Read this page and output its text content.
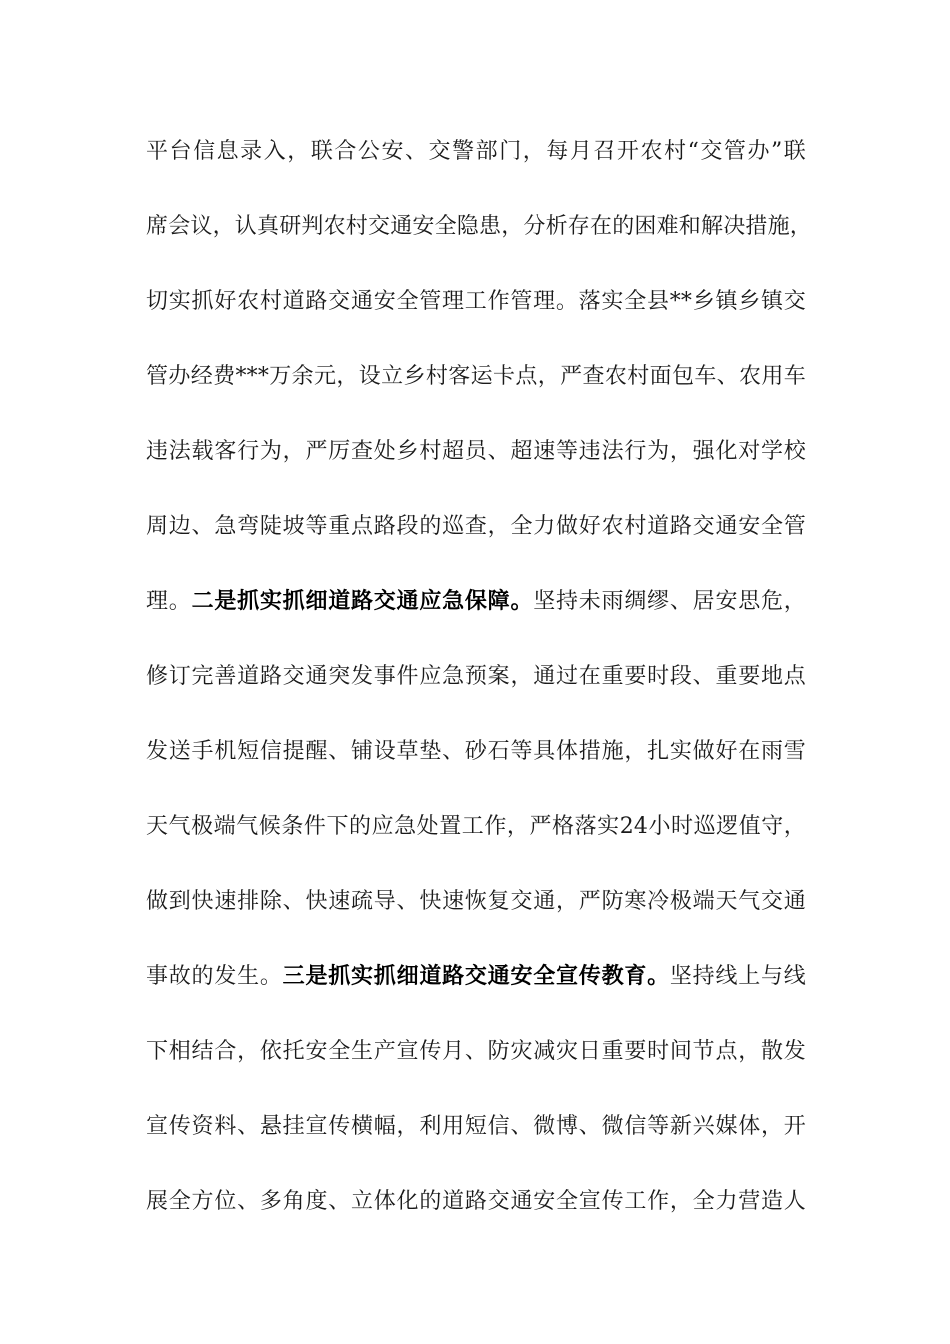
平台信息录入，联合公安、交警部门，每月召开农村“交管办”联
席会议，认真研判农村交通安全隐患，分析存在的困难和解决措施，
切实抓好农村道路交通安全管理工作管理。落实全县**乡镇乡镇交
管办经费***万余元，设立乡村客运卡点，严查农村面包车、农用车
违法载客行为，严厉查处乡村超员、超速等违法行为，强化对学校
周边、急弯陡坡等重点路段的巡查，全力做好农村道路交通安全管
理。二是抓实抓细道路交通应急保障。坚持未雨绸缪、居安思危，
修订完善道路交通突发事件应急预案，通过在重要时段、重要地点
发送手机短信提醒、铺设草垫、砂石等具体措施，扎实做好在雨雪
天气极端气候条件下的应急处置工作，严格落实24小时巡逻值守，
做到快速排除、快速疏导、快速恢复交通，严防寒冷极端天气交通
事故的发生。三是抓实抓细道路交通安全宣传教育。坚持线上与线
下相结合，依托安全生产宣传月、防灾减灾日重要时间节点，散发
宣传资料、悬挂宣传横幅，利用短信、微博、微信等新兴媒体，开
展全方位、多角度、立体化的道路交通安全宣传工作，全力营造人
